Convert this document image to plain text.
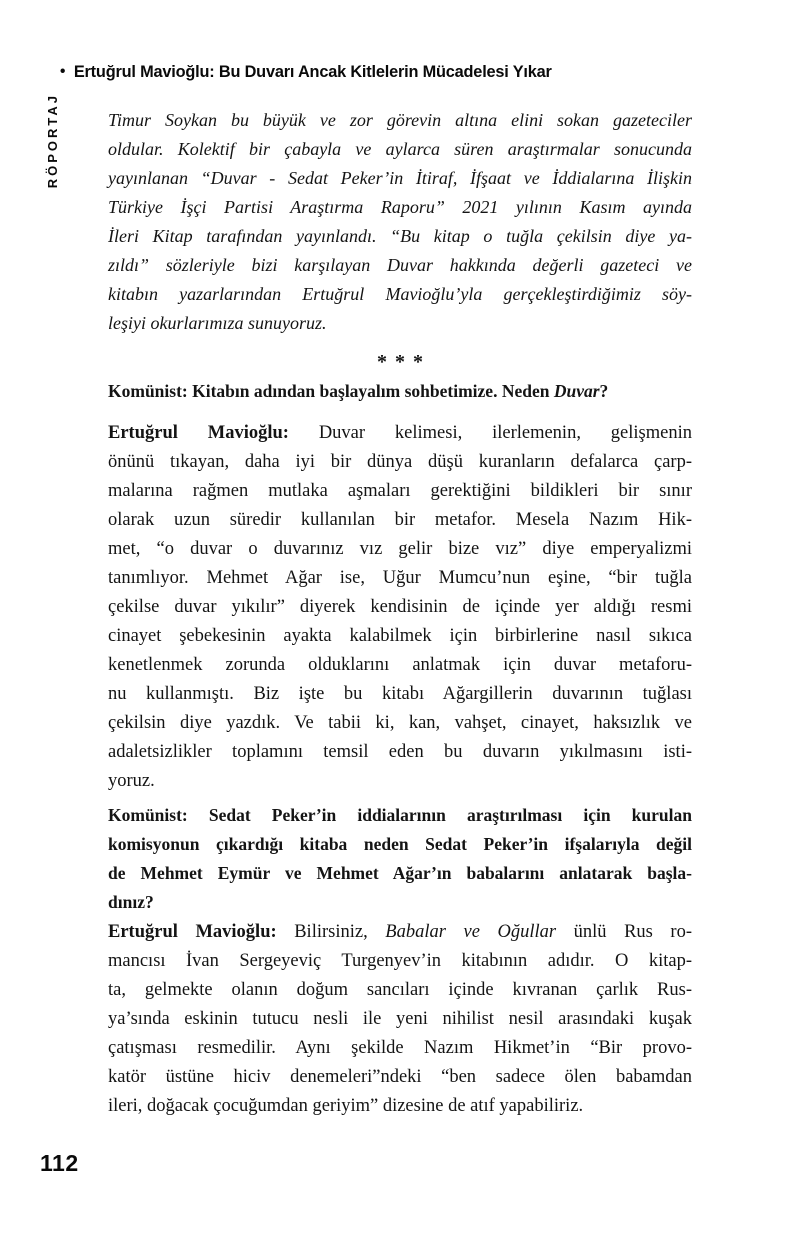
• Ertuğrul Mavioğlu: Bu Duvarı Ancak Kitlelerin Mücadelesi Yıkar
RÖPORTAJ	Timur Soykan bu büyük ve zor görevin altına elini sokan gazeteciler
oldular. Kolektif bir çabayla ve aylarca süren araştırmalar sonucunda
yayınlanan “Duvar - Sedat Peker’in İtiraf, İfşaat ve İddialarına İlişkin
Türkiye İşçi Partisi Araştırma Raporu” 2021 yılının Kasım ayında
İleri Kitap tarafından yayınlandı. “Bu kitap o tuğla çekilsin diye ya-
zıldı” sözleriyle bizi karşılayan Duvar hakkında değerli gazeteci ve
kitabın yazarlarından Ertuğrul Mavioğlu’yla gerçekleştirdiğimiz söy-
leşiyi okurlarımıza sunuyoruz.
***
Komünist: Kitabın adından başlayalım sohbetimize. Neden Duvar?
Ertuğrul Mavioğlu: Duvar kelimesi, ilerlemenin, gelişmenin
önünü tıkayan, daha iyi bir dünya düşü kuranların defalarca çarp-
malarına rağmen mutlaka aşmaları gerektiğini bildikleri bir sınır
olarak uzun süredir kullanılan bir metafor. Mesela Nazım Hik-
met, “o duvar o duvarınız vız gelir bize vız” diye emperyalizmi
tanımlıyor. Mehmet Ağar ise, Uğur Mumcu’nun eşine, “bir tuğla
çekilse duvar yıkılır” diyerek kendisinin de içinde yer aldığı resmi
cinayet şebekesinin ayakta kalabilmek için birbirlerine nasıl sıkıca
kenetlenmek zorunda olduklarını anlatmak için duvar metaforu-
nu kullanmıştı. Biz işte bu kitabı Ağargillerin duvarının tuğlası
çekilsin diye yazdık. Ve tabii ki, kan, vahşet, cinayet, haksızlık ve
adaletsizlikler toplamını temsil eden bu duvarın yıkılmasını isti-
yoruz.
Komünist: Sedat Peker’in iddialarının araştırılması için kurulan
komisyonun çıkardığı kitaba neden Sedat Peker’in ifşalarıyla değil
de Mehmet Eymür ve Mehmet Ağar’ın babalarını anlatarak başla-
dınız?
Ertuğrul Mavioğlu: Bilirsiniz, Babalar ve Oğullar ünlü Rus ro-
mancısı İvan Sergeyeviç Turgenyev’in kitabının adıdır. O kitap-
ta, gelmekte olanın doğum sancıları içinde kıvranan çarlık Rus-
ya’sında eskinin tutucu nesli ile yeni nihilist nesil arasındaki kuşak
çatışması resmedilir. Aynı şekilde Nazım Hikmet’in “Bir provo-
katör üstüne hiciv denemeleri”ndeki “ben sadece ölen babamdan
ileri, doğacak çocuğumdan geriyim” dizesine de atıf yapabiliriz.
112
